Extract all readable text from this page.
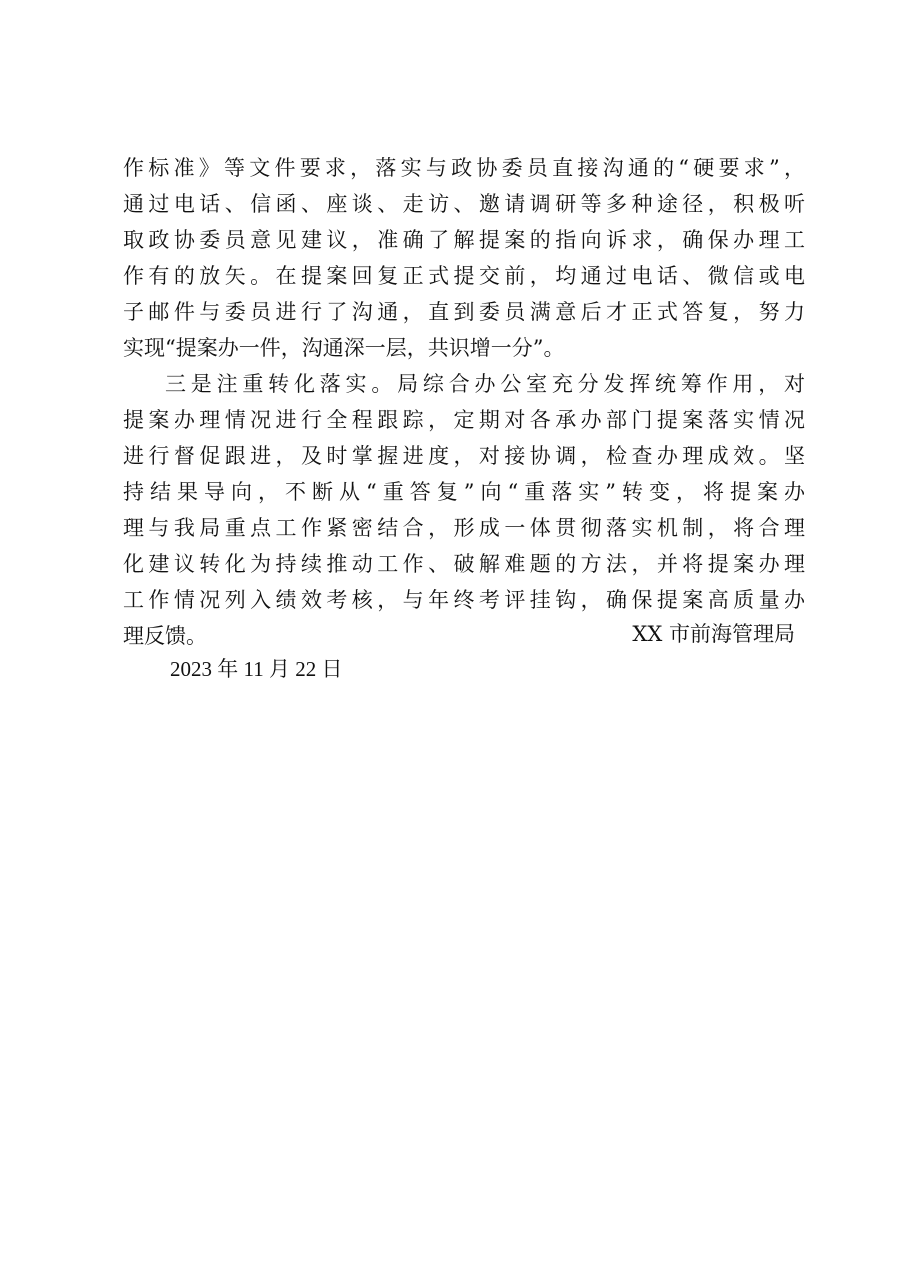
作标准》等文件要求，落实与政协委员直接沟通的“硬要求”，
通过电话、信函、座谈、走访、邀请调研等多种途径，积极听
取政协委员意见建议，准确了解提案的指向诉求，确保办理工
作有的放矢。在提案回复正式提交前，均通过电话、微信或电
子邮件与委员进行了沟通，直到委员满意后才正式答复，努力
实现“提案办一件，沟通深一层，共识增一分”。
三是注重转化落实。局综合办公室充分发挥统筹作用，对
提案办理情况进行全程跟踪，定期对各承办部门提案落实情况
进行督促跟进，及时掌握进度，对接协调，检查办理成效。坚
持结果导向，不断从“重答复”向“重落实”转变，将提案办
理与我局重点工作紧密结合，形成一体贯彻落实机制，将合理
化建议转化为持续推动工作、破解难题的方法，并将提案办理
工作情况列入绩效考核，与年终考评挂钩，确保提案高质量办
理反馈。	XX 市前海管理局
2023 年 11 月 22 日
